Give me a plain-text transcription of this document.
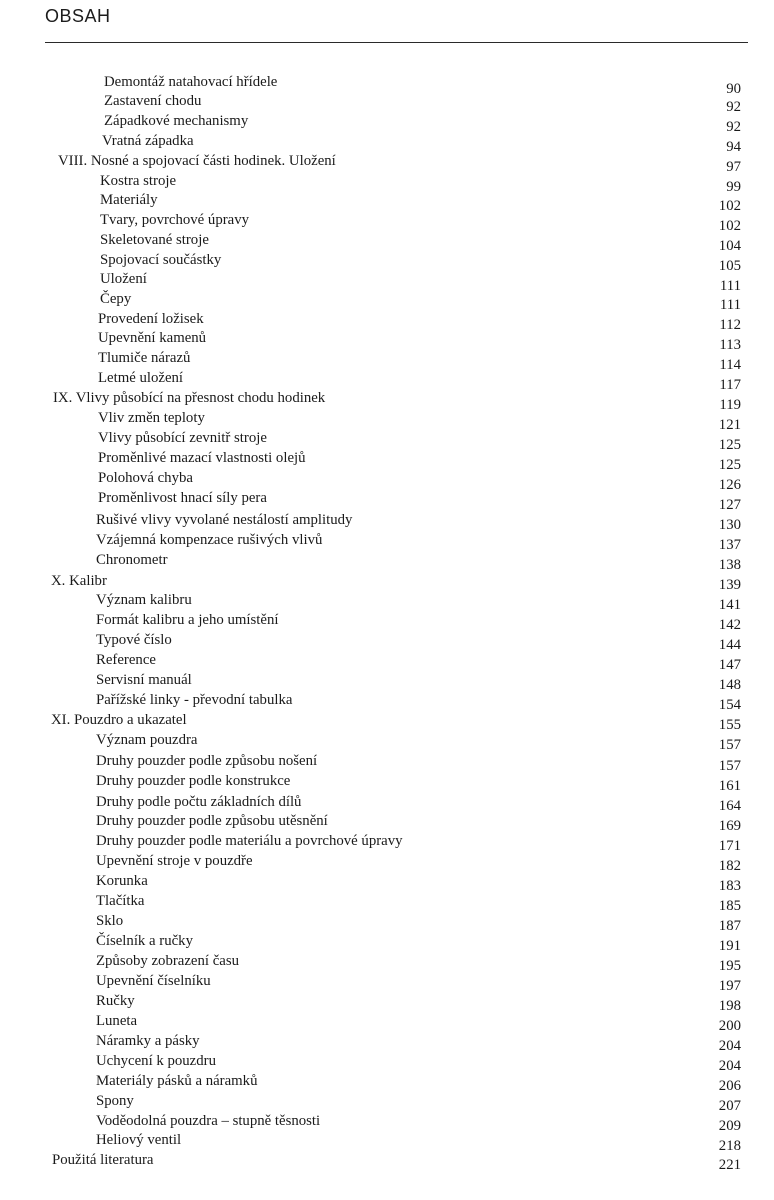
OBSAH
Demontáž natahovací hřídele	90
Zastavení chodu	92
Západkové mechanismy	92
Vratná západka	94
VIII. Nosné a spojovací části hodinek. Uložení	97
Kostra stroje	99
Materiály	102
Tvary, povrchové úpravy	102
Skeletované stroje	104
Spojovací součástky	105
Uložení	111
Čepy	111
Provedení ložisek	112
Upevnění kamenů	113
Tlumiče nárazů	114
Letmé uložení	117
IX. Vlivy působící na přesnost chodu hodinek	119
Vliv změn teploty	121
Vlivy působící zevnitř stroje	125
Proměnlivé mazací vlastnosti olejů	125
Polohová chyba	126
Proměnlivost hnací síly pera	127
Rušivé vlivy vyvolané nestálostí amplitudy	130
Vzájemná kompenzace rušivých vlivů	137
Chronometr	138
X. Kalibr	139
Význam kalibru	141
Formát kalibru a jeho umístění	142
Typové číslo	144
Reference	147
Servisní manuál	148
Pařížské linky - převodní tabulka	154
XI. Pouzdro a ukazatel	155
Význam pouzdra	157
Druhy pouzder podle způsobu nošení	157
Druhy pouzder podle konstrukce	161
Druhy podle počtu základních dílů	164
Druhy pouzder podle způsobu utěsnění	169
Druhy pouzder podle materiálu a povrchové úpravy	171
Upevnění stroje v pouzdře	182
Korunka	183
Tlačítka	185
Sklo	187
Číselník a ručky	191
Způsoby zobrazení času	195
Upevnění číselníku	197
Ručky	198
Luneta	200
Náramky a pásky	204
Uchycení k pouzdru	204
Materiály pásků a náramků	206
Spony	207
Voděodolná pouzdra – stupně těsnosti	209
Heliový ventil	218
Použitá literatura	221
